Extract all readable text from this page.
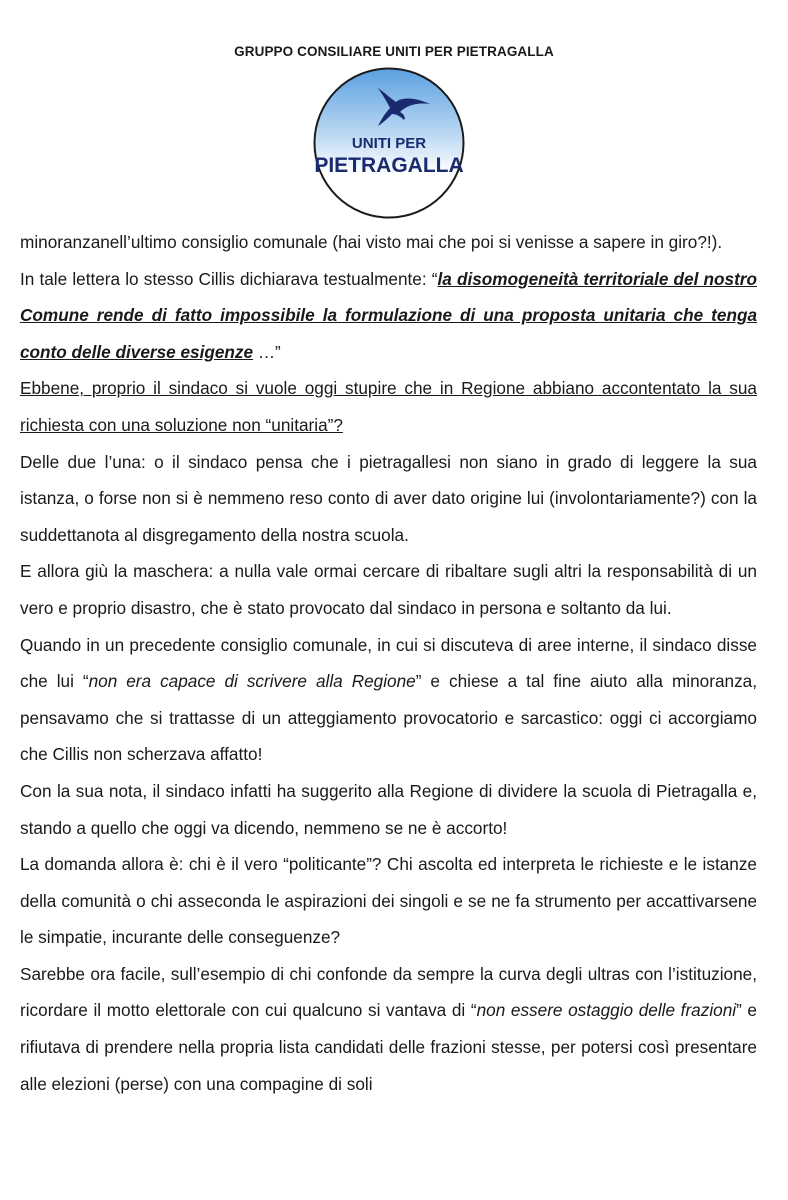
GRUPPO CONSILIARE UNITI PER PIETRAGALLA
UNITI PER
PIETRAGALLA

minoranzanell’ultimo consiglio comunale (hai visto mai che poi si venisse a sapere in giro?!).

In tale lettera lo stesso Cillis dichiarava testualmente: “la disomogeneità territoriale del nostro Comune rende di fatto impossibile la formulazione di una proposta unitaria che tenga conto delle diverse esigenze …”

Ebbene, proprio il sindaco si vuole oggi stupire che in Regione abbiano accontentato la sua richiesta con una soluzione non “unitaria”?

Delle due l’una: o il sindaco pensa che i pietragallesi non siano in grado di leggere la sua istanza, o forse non si è nemmeno reso conto di aver dato origine lui (involontariamente?) con la suddettanota al disgregamento della nostra scuola.

E allora giù la maschera: a nulla vale ormai cercare di ribaltare sugli altri la responsabilità di un vero e proprio disastro, che è stato provocato dal sindaco in persona e soltanto da lui.

Quando in un precedente consiglio comunale, in cui si discuteva di aree interne, il sindaco disse che lui “non era capace di scrivere alla Regione” e chiese a tal fine aiuto alla minoranza, pensavamo che si trattasse di un atteggiamento provocatorio e sarcastico: oggi ci accorgiamo che Cillis non scherzava affatto!

Con la sua nota, il sindaco infatti ha suggerito alla Regione di dividere la scuola di Pietragalla e, stando a quello che oggi va dicendo, nemmeno se ne è accorto!

La domanda allora è: chi è il vero “politicante”? Chi ascolta ed interpreta le richieste e le istanze della comunità o chi asseconda le aspirazioni dei singoli e se ne fa strumento per accattivarsene le simpatie, incurante delle conseguenze?

Sarebbe ora facile, sull’esempio di chi confonde da sempre la curva degli ultras con l’istituzione, ricordare il motto elettorale con cui qualcuno si vantava di “non essere ostaggio delle frazioni” e rifiutava di prendere nella propria lista candidati delle frazioni stesse, per potersi così presentare alle elezioni (perse) con una compagine di soli
